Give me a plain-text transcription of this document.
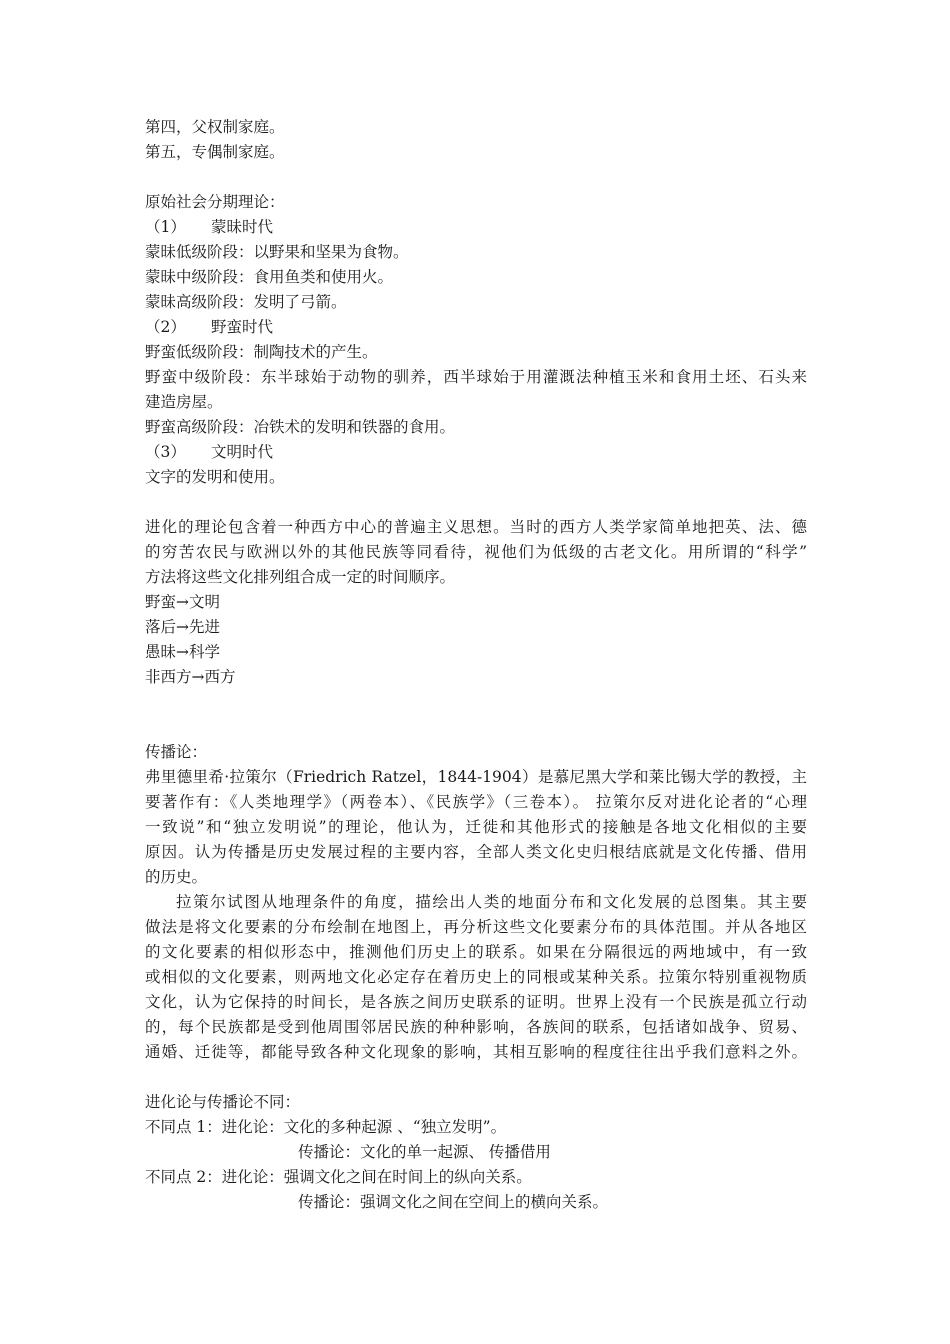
第四，父权制家庭。
第五，专偶制家庭。
原始社会分期理论：
（1） 蒙昧时代
蒙昧低级阶段：以野果和坚果为食物。
蒙昧中级阶段：食用鱼类和使用火。
蒙昧高级阶段：发明了弓箭。
（2） 野蛮时代
野蛮低级阶段：制陶技术的产生。
野蛮中级阶段：东半球始于动物的驯养，西半球始于用灌溉法种植玉米和食用土坯、石头来
建造房屋。
野蛮高级阶段：冶铁术的发明和铁器的食用。
（3） 文明时代
文字的发明和使用。
进化的理论包含着一种西方中心的普遍主义思想。当时的西方人类学家简单地把英、法、德
的穷苦农民与欧洲以外的其他民族等同看待，视他们为低级的古老文化。用所谓的“科学”
方法将这些文化排列组合成一定的时间顺序。
野蛮→文明
落后→先进
愚昧→科学
非西方→西方
传播论：
弗里德里希·拉策尔（Friedrich Ratzel，1844-1904）是慕尼黑大学和莱比锡大学的教授，主
要著作有：《人类地理学》（两卷本）、《民族学》（三卷本）。 拉策尔反对进化论者的“心理
一致说”和“独立发明说”的理论，他认为，迁徙和其他形式的接触是各地文化相似的主要
原因。认为传播是历史发展过程的主要内容，全部人类文化史归根结底就是文化传播、借用
的历史。
拉策尔试图从地理条件的角度，描绘出人类的地面分布和文化发展的总图集。其主要
做法是将文化要素的分布绘制在地图上，再分析这些文化要素分布的具体范围。并从各地区
的文化要素的相似形态中，推测他们历史上的联系。如果在分隔很远的两地域中，有一致
或相似的文化要素，则两地文化必定存在着历史上的同根或某种关系。拉策尔特别重视物质
文化，认为它保持的时间长，是各族之间历史联系的证明。世界上没有一个民族是孤立行动
的，每个民族都是受到他周围邻居民族的种种影响，各族间的联系，包括诸如战争、贸易、
通婚、迁徙等，都能导致各种文化现象的影响，其相互影响的程度往往出乎我们意料之外。
进化论与传播论不同：
不同点 1：进化论：文化的多种起源 、“独立发明”。
传播论：文化的单一起源、 传播借用
不同点 2：进化论：强调文化之间在时间上的纵向关系。
传播论：强调文化之间在空间上的横向关系。
